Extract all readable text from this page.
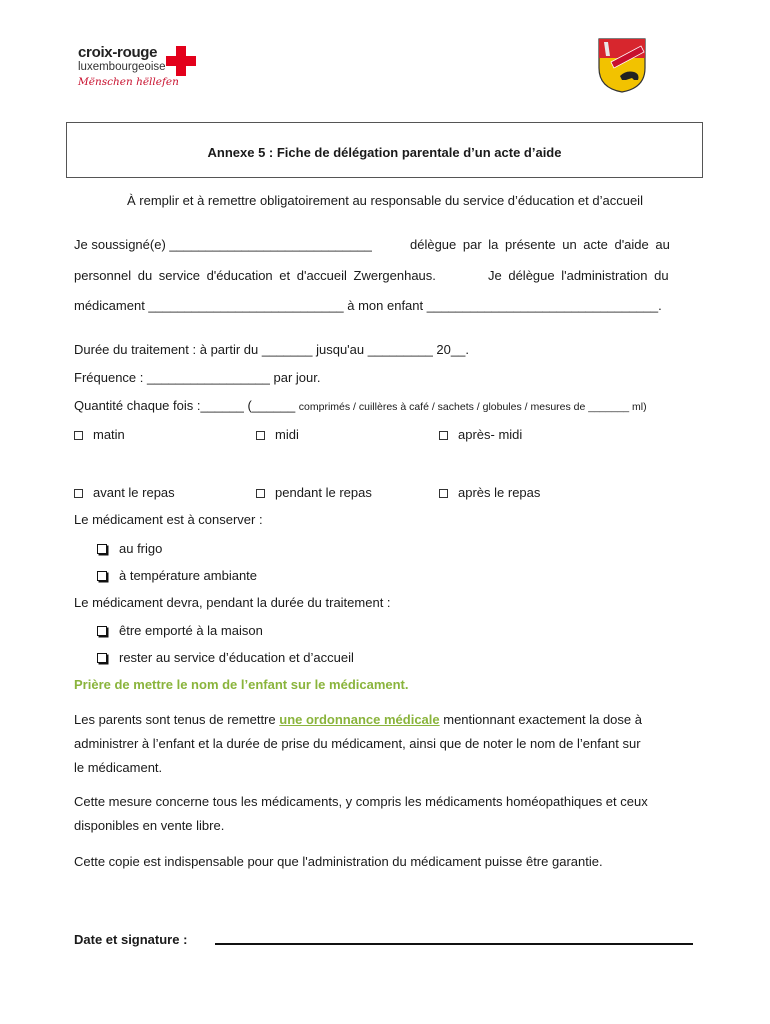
croix-rouge
luxembourgeoise
Mënschen hëllefen
Annexe 5 : Fiche de délégation parentale d’un acte d’aide
À remplir et à remettre obligatoirement au responsable du service d’éducation et d’accueil
Je soussigné(e) ____________________________	délègue par la présente un acte d'aide au
personnel du service d'éducation et d'accueil Zwergenhaus.	Je délègue l'administration du
médicament ___________________________ à mon enfant ________________________________.
Durée du traitement : à partir du _______ jusqu'au _________ 20__.
Fréquence : _________________ par jour.
Quantité chaque fois :______ (______ comprimés / cuillères à café / sachets / globules / mesures de _______ ml)
matin	midi	après- midi
avant le repas	pendant le repas	après le repas
Le médicament est à conserver :
au frigo
à température ambiante
Le médicament devra, pendant la durée du traitement :
être emporté à la maison
rester au service d’éducation et d’accueil
Prière de mettre le nom de l’enfant sur le médicament.
Les parents sont tenus de remettre une ordonnance médicale mentionnant exactement la dose à
administrer à l’enfant et la durée de prise du médicament, ainsi que de noter le nom de l’enfant sur
le médicament.
Cette mesure concerne tous les médicaments, y compris les médicaments homéopathiques et ceux
disponibles en vente libre.
Cette copie est indispensable pour que l'administration du médicament puisse être garantie.
Date et signature :
